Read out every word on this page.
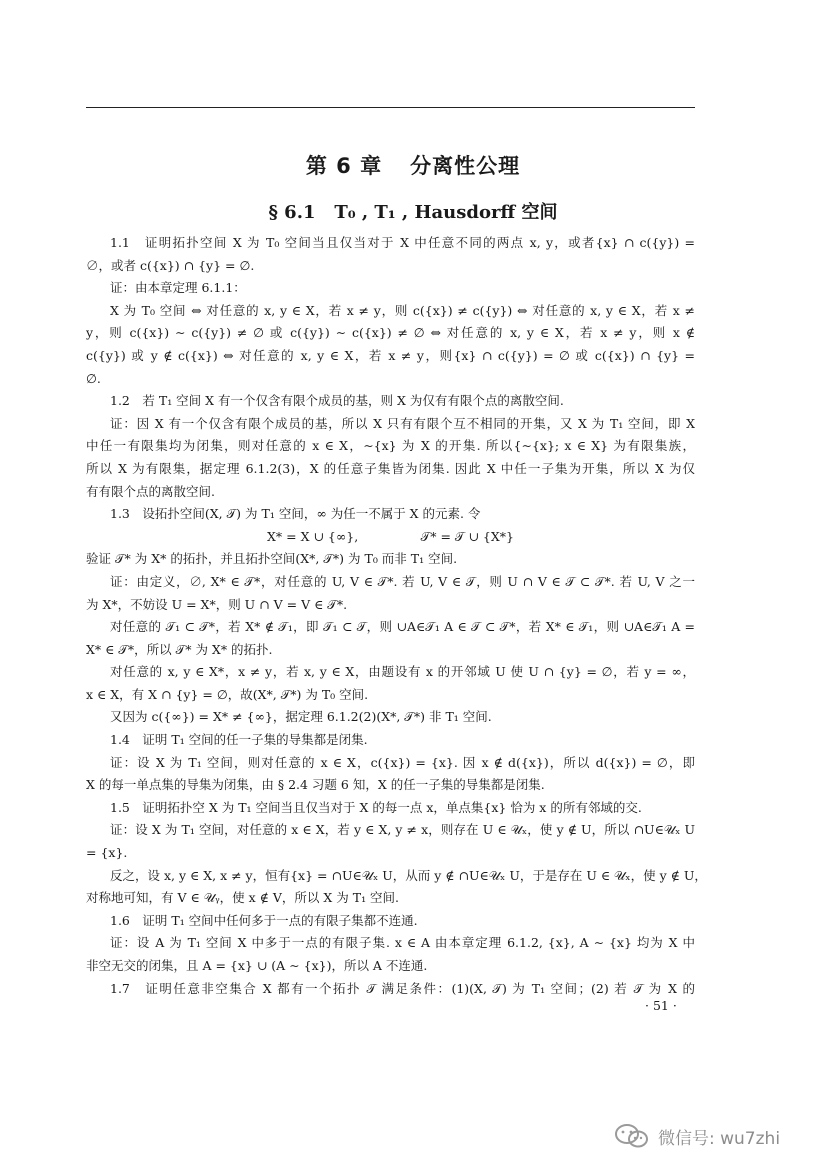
第 6 章 分离性公理
§ 6.1 T₀ , T₁ , Hausdorff 空间
1.1　证明拓扑空间 X 为 T₀ 空间当且仅当对于 X 中任意不同的两点 x, y，或者{x} ∩ c({y}) =
∅，或者 c({x}) ∩ {y} = ∅.
证：由本章定理 6.1.1：
X 为 T₀ 空间 ⇔ 对任意的 x, y ∈ X，若 x ≠ y，则 c({x}) ≠ c({y}) ⇔ 对任意的 x, y ∈ X，若 x ≠
y，则 c({x}) ∼ c({y}) ≠ ∅ 或 c({y}) ∼ c({x}) ≠ ∅ ⇔ 对任意的 x, y ∈ X，若 x ≠ y，则 x ∉
c({y}) 或 y ∉ c({x}) ⇔ 对任意的 x, y ∈ X，若 x ≠ y，则{x} ∩ c({y}) = ∅ 或 c({x}) ∩ {y} =
∅.
1.2　若 T₁ 空间 X 有一个仅含有限个成员的基，则 X 为仅有有限个点的离散空间.
证：因 X 有一个仅含有限个成员的基，所以 X 只有有限个互不相同的开集，又 X 为 T₁ 空间，即 X
中任一有限集均为闭集，则对任意的 x ∈ X，∼{x} 为 X 的开集. 所以{∼{x}; x ∈ X} 为有限集族，
所以 X 为有限集，据定理 6.1.2(3)，X 的任意子集皆为闭集. 因此 X 中任一子集为开集，所以 X 为仅
有有限个点的离散空间.
1.3　设拓扑空间(X, 𝒯) 为 T₁ 空间，∞ 为任一不属于 X 的元素. 令
X* = X ∪ {∞},　　　　　𝒯* = 𝒯 ∪ {X*}
验证 𝒯* 为 X* 的拓扑，并且拓扑空间(X*, 𝒯*) 为 T₀ 而非 T₁ 空间.
证：由定义，∅, X* ∈ 𝒯*，对任意的 U, V ∈ 𝒯*. 若 U, V ∈ 𝒯，则 U ∩ V ∈ 𝒯 ⊂ 𝒯*. 若 U, V 之一
为 X*，不妨设 U = X*，则 U ∩ V = V ∈ 𝒯*.
对任意的 𝒯₁ ⊂ 𝒯*，若 X* ∉ 𝒯₁，即 𝒯₁ ⊂ 𝒯，则 ∪A∈𝒯₁ A ∈ 𝒯 ⊂ 𝒯*，若 X* ∈ 𝒯₁，则 ∪A∈𝒯₁ A =
X* ∈ 𝒯*，所以 𝒯* 为 X* 的拓扑.
对任意的 x, y ∈ X*，x ≠ y，若 x, y ∈ X，由题设有 x 的开邻域 U 使 U ∩ {y} = ∅，若 y = ∞，
x ∈ X，有 X ∩ {y} = ∅，故(X*, 𝒯*) 为 T₀ 空间.
又因为 c({∞}) = X* ≠ {∞}，据定理 6.1.2(2)(X*, 𝒯*) 非 T₁ 空间.
1.4　证明 T₁ 空间的任一子集的导集都是闭集.
证：设 X 为 T₁ 空间，则对任意的 x ∈ X，c({x}) = {x}. 因 x ∉ d({x})，所以 d({x}) = ∅，即
X 的每一单点集的导集为闭集，由 § 2.4 习题 6 知，X 的任一子集的导集都是闭集.
1.5　证明拓扑空 X 为 T₁ 空间当且仅当对于 X 的每一点 x，单点集{x} 恰为 x 的所有邻域的交.
证：设 X 为 T₁ 空间，对任意的 x ∈ X，若 y ∈ X, y ≠ x，则存在 U ∈ 𝒰ₓ，使 y ∉ U，所以 ∩U∈𝒰ₓ U
= {x}.
反之，设 x, y ∈ X, x ≠ y，恒有{x} = ∩U∈𝒰ₓ U，从而 y ∉ ∩U∈𝒰ₓ U，于是存在 U ∈ 𝒰ₓ，使 y ∉ U，
对称地可知，有 V ∈ 𝒰ᵧ，使 x ∉ V，所以 X 为 T₁ 空间.
1.6　证明 T₁ 空间中任何多于一点的有限子集都不连通.
证：设 A 为 T₁ 空间 X 中多于一点的有限子集. x ∈ A 由本章定理 6.1.2, {x}, A ∼ {x} 均为 X 中
非空无交的闭集，且 A = {x} ∪ (A ∼ {x})，所以 A 不连通.
1.7　证明任意非空集合 X 都有一个拓扑 𝒯 满足条件：(1)(X, 𝒯) 为 T₁ 空间；(2) 若 𝒯 为 X 的
· 51 ·
微信号: wu7zhi
